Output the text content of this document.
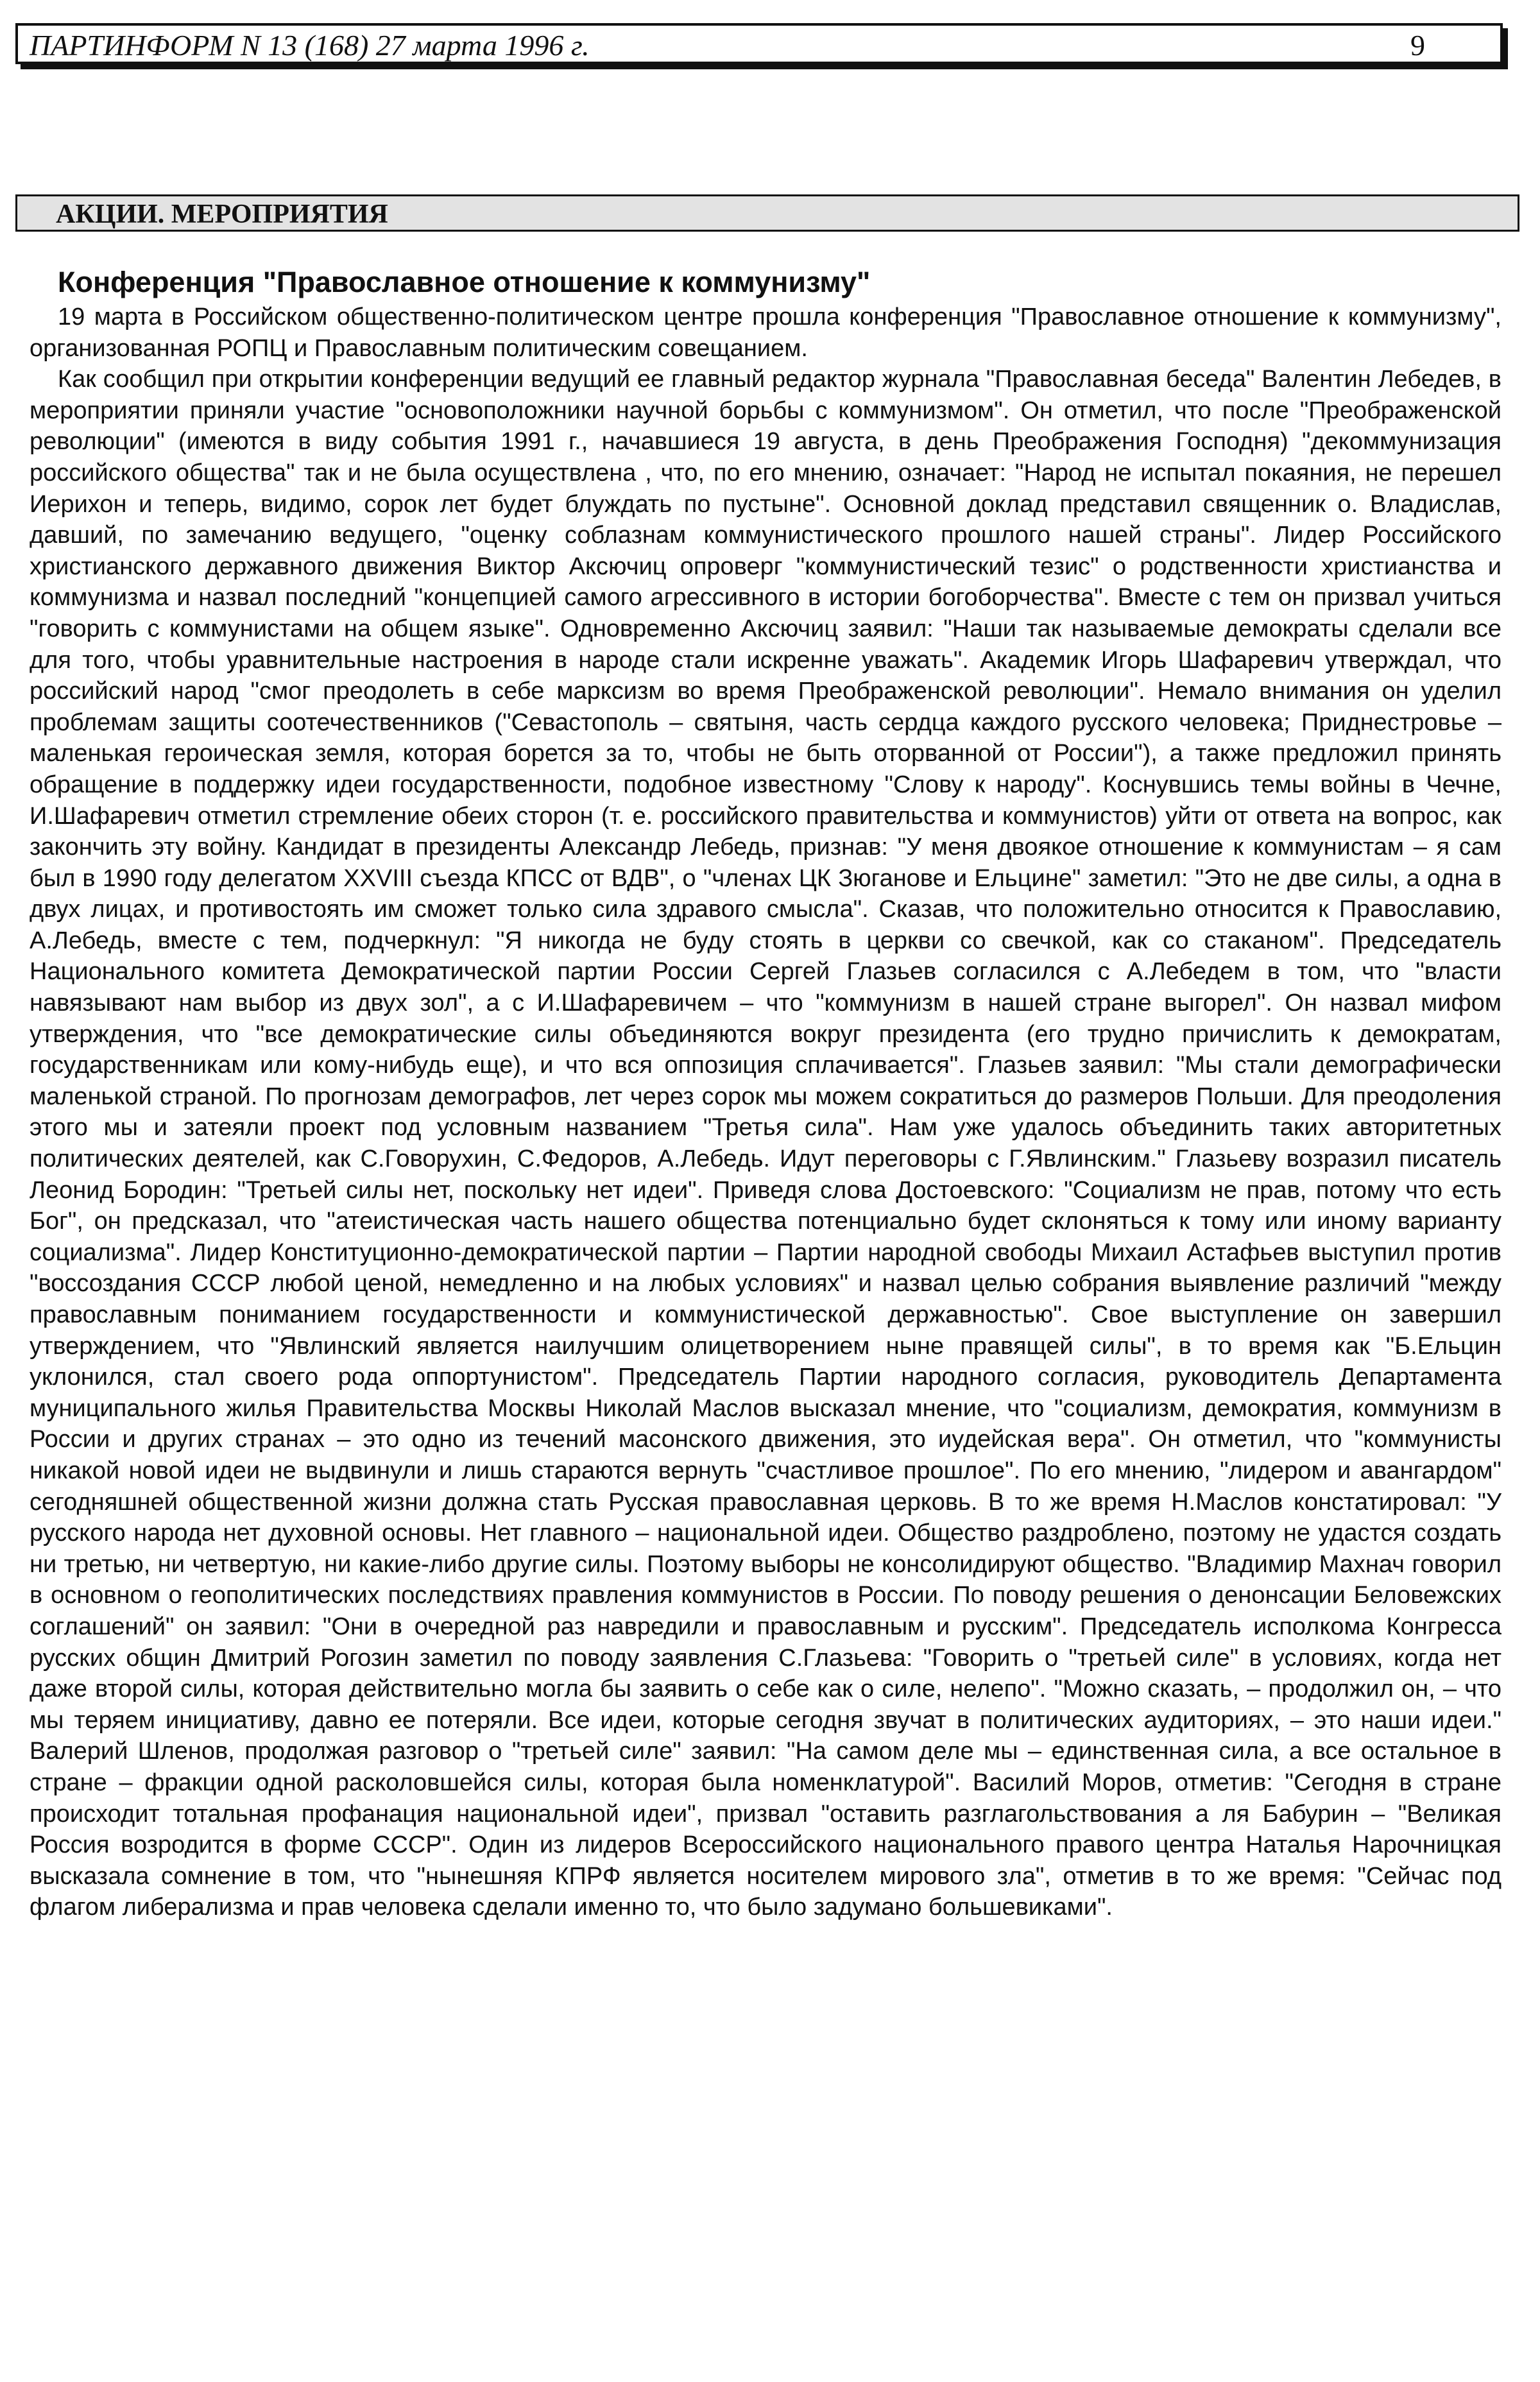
ПАРТИНФОРМ N 13 (168) 27 марта 1996 г.	9
АКЦИИ. МЕРОПРИЯТИЯ
Конференция "Православное отношение к коммунизму"

19 марта в Российском общественно-политическом центре прошла конференция "Православное отношение к коммунизму", организованная РОПЦ и Православным политическим совещанием.

Как сообщил при открытии конференции ведущий ее главный редактор журнала "Православная беседа" Валентин Лебедев, в мероприятии приняли участие "основоположники научной борьбы с коммунизмом". Он отметил, что после "Преображенской революции" (имеются в виду события 1991 г., начавшиеся 19 августа, в день Преображения Господня) "декоммунизация российского общества" так и не была осуществлена , что, по его мнению, означает: "Народ не испытал покаяния, не перешел Иерихон и теперь, видимо, сорок лет будет блуждать по пустыне". Основной доклад представил священник о. Владислав, давший, по замечанию ведущего, "оценку соблазнам коммунистического прошлого нашей страны". Лидер Российского христианского державного движения Виктор Аксючиц опроверг "коммунистический тезис" о родственности христианства и коммунизма и назвал последний "концепцией самого агрессивного в истории богоборчества". Вместе с тем он призвал учиться "говорить с коммунистами на общем языке". Одновременно Аксючиц заявил: "Наши так называемые демократы сделали все для того, чтобы уравнительные настроения в народе стали искренне уважать". Академик Игорь Шафаревич утверждал, что российский народ "смог преодолеть в себе марксизм во время Преображенской революции". Немало внимания он уделил проблемам защиты соотечественников ("Севастополь – святыня, часть сердца каждого русского человека; Приднестровье – маленькая героическая земля, которая борется за то, чтобы не быть оторванной от России"), а также предложил принять обращение в поддержку идеи государственности, подобное известному "Слову к народу". Коснувшись темы войны в Чечне, И.Шафаревич отметил стремление обеих сторон (т. е. российского правительства и коммунистов) уйти от ответа на вопрос, как закончить эту войну. Кандидат в президенты Александр Лебедь, признав: "У меня двоякое отношение к коммунистам – я сам был в 1990 году делегатом XXVIII съезда КПСС от ВДВ", о "членах ЦК Зюганове и Ельцине" заметил: "Это не две силы, а одна в двух лицах, и противостоять им сможет только сила здравого смысла". Сказав, что положительно относится к Православию, А.Лебедь, вместе с тем, подчеркнул: "Я никогда не буду стоять в церкви со свечкой, как со стаканом". Председатель Национального комитета Демократической партии России Сергей Глазьев согласился с А.Лебедем в том, что "власти навязывают нам выбор из двух зол", а с И.Шафаревичем – что "коммунизм в нашей стране выгорел". Он назвал мифом утверждения, что "все демократические силы объединяются вокруг президента (его трудно причислить к демократам, государственникам или кому-нибудь еще), и что вся оппозиция сплачивается". Глазьев заявил: "Мы стали демографически маленькой страной. По прогнозам демографов, лет через сорок мы можем сократиться до размеров Польши. Для преодоления этого мы и затеяли проект под условным названием "Третья сила". Нам уже удалось объединить таких авторитетных политических деятелей, как С.Говорухин, С.Федоров, А.Лебедь. Идут переговоры с Г.Явлинским." Глазьеву возразил писатель Леонид Бородин: "Третьей силы нет, поскольку нет идеи". Приведя слова Достоевского: "Социализм не прав, потому что есть Бог", он предсказал, что "атеистическая часть нашего общества потенциально будет склоняться к тому или иному варианту социализма". Лидер Конституционно-демократической партии – Партии народной свободы Михаил Астафьев выступил против "воссоздания СССР любой ценой, немедленно и на любых условиях" и назвал целью собрания выявление различий "между православным пониманием государственности и коммунистической державностью". Свое выступление он завершил утверждением, что "Явлинский является наилучшим олицетворением ныне правящей силы", в то время как "Б.Ельцин уклонился, стал своего рода оппортунистом". Председатель Партии народного согласия, руководитель Департамента муниципального жилья Правительства Москвы Николай Маслов высказал мнение, что "социализм, демократия, коммунизм в России и других странах – это одно из течений масонского движения, это иудейская вера". Он отметил, что "коммунисты никакой новой идеи не выдвинули и лишь стараются вернуть "счастливое прошлое". По его мнению, "лидером и авангардом" сегодняшней общественной жизни должна стать Русская православная церковь. В то же время Н.Маслов констатировал: "У русского народа нет духовной основы. Нет главного – национальной идеи. Общество раздроблено, поэтому не удастся создать ни третью, ни четвертую, ни какие-либо другие силы. Поэтому выборы не консолидируют общество. "Владимир Махнач говорил в основном о геополитических последствиях правления коммунистов в России. По поводу решения о денонсации Беловежских соглашений" он заявил: "Они в очередной раз навредили и православным и русским". Председатель исполкома Конгресса русских общин Дмитрий Рогозин заметил по поводу заявления С.Глазьева: "Говорить о "третьей силе" в условиях, когда нет даже второй силы, которая действительно могла бы заявить о себе как о силе, нелепо". "Можно сказать, – продолжил он, – что мы теряем инициативу, давно ее потеряли. Все идеи, которые сегодня звучат в политических аудиториях, – это наши идеи." Валерий Шленов, продолжая разговор о "третьей силе" заявил: "На самом деле мы – единственная сила, а все остальное в стране – фракции одной расколовшейся силы, которая была номенклатурой". Василий Моров, отметив: "Сегодня в стране происходит тотальная профанация национальной идеи", призвал "оставить разглагольствования а ля Бабурин – "Великая Россия возродится в форме СССР". Один из лидеров Всероссийского национального правого центра Наталья Нарочницкая высказала сомнение в том, что "нынешняя КПРФ является носителем мирового зла", отметив в то же время: "Сейчас под флагом либерализма и прав человека сделали именно то, что было задумано большевиками".
